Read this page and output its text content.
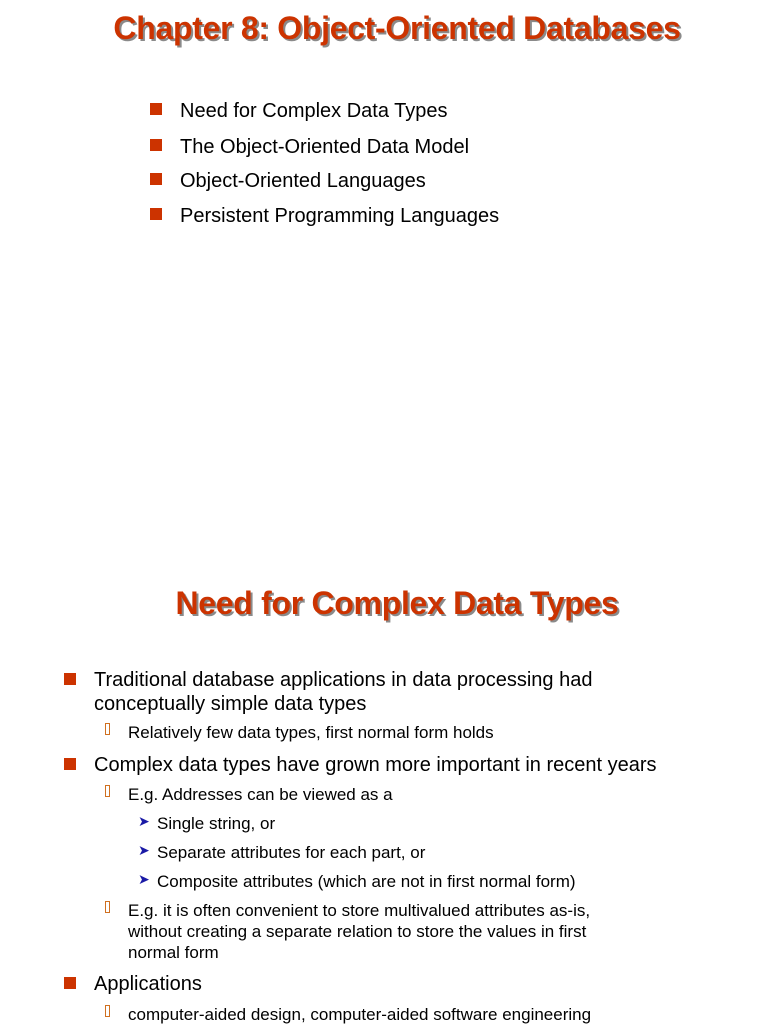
Chapter 8: Object-Oriented Databases
Need for Complex Data Types
The Object-Oriented Data Model
Object-Oriented Languages
Persistent Programming Languages
Need for Complex Data Types
Traditional database applications in data processing had
conceptually simple data types
Relatively few data types, first normal form holds
Complex data types have grown more important in recent years
E.g. Addresses can be viewed as a
➤ Single string, or
➤ Separate attributes for each part, or
➤ Composite attributes (which are not in first normal form)
E.g. it is often convenient to store multivalued attributes as-is,
without creating a separate relation to store the values in first
normal form
Applications
computer-aided design, computer-aided software engineering
